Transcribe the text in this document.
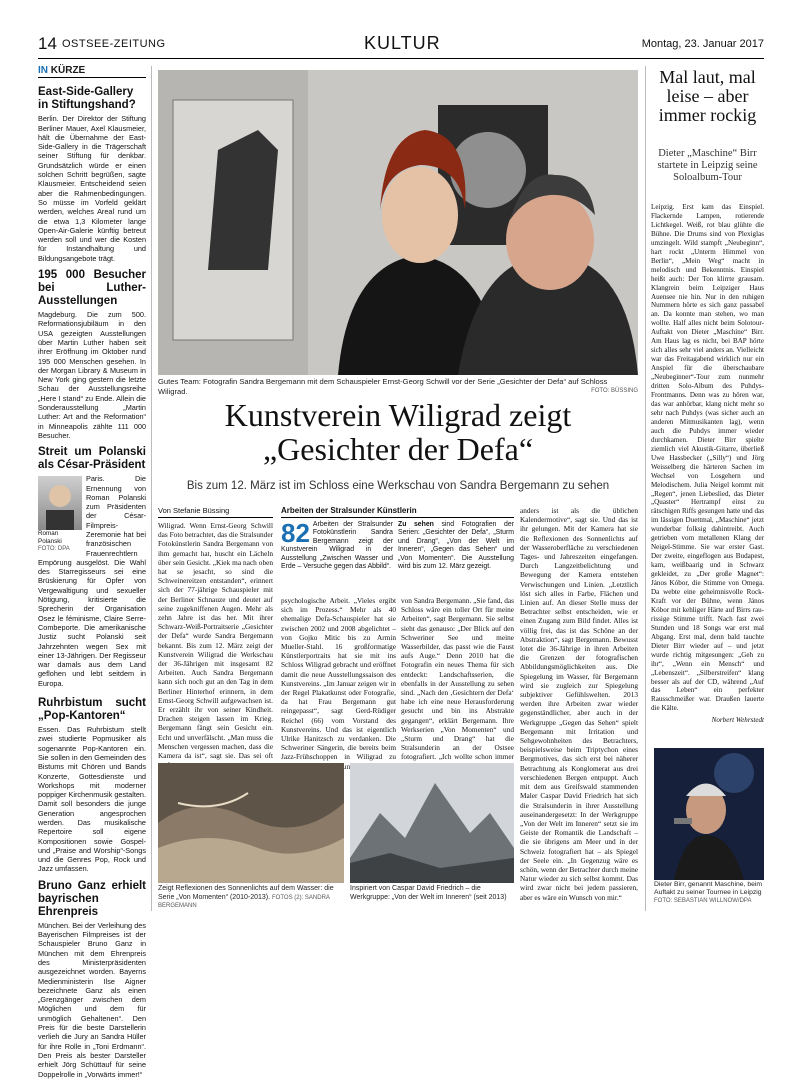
14 OSTSEE-ZEITUNG	KULTUR	Montag, 23. Januar 2017
IN KÜRZE
East-Side-Gallery in Stiftungshand?

Berlin. Der Direktor der Stiftung Berliner Mauer, Axel Klausmeier, hält die Übernahme der East-Side-Gallery in die Trägerschaft seiner Stiftung für denkbar. Grundsätzlich würde er einen solchen Schritt begrüßen, sagte Klausmeier. Entscheidend seien aber die Rahmenbedingungen. So müsse im Vorfeld geklärt werden, welches Areal rund um die etwa 1,3 Kilometer lange Open-Air-Galerie künftig betreut werden soll und wer die Kosten für Instandhaltung und Bildungsangebote trägt.

195 000 Besucher bei Luther-Ausstellungen

Magdeburg. Die zum 500. Reformationsjubiläum in den USA gezeigten Ausstellungen über Martin Luther haben seit ihrer Eröffnung im Oktober rund 195 000 Menschen gesehen. In der Morgan Library & Museum in New York ging gestern die letzte Schau der Ausstellungsreihe „Here I stand“ zu Ende. Allein die Sonderausstellung „Martin Luther: Art and the Reformation“ in Minneapolis zählte 111 000 Besucher.

Streit um Polanski als César-Präsident
Roman Polanski
FOTO: DPA

Paris. Die Ernennung von Roman Polanski zum Präsidenten der César-Filmpreis-Zeremonie hat bei französischen Frauenrechtlern Empörung ausgelöst. Die Wahl des Starregisseurs sei eine Brüskierung für Opfer von Vergewaltigung und sexueller Nötigung, kritisierte die Sprecherin der Organisation Osez le féminisme, Claire Serre-Combeporte. Die amerikanische Justiz sucht Polanski seit Jahrzehnten wegen Sex mit einer 13-Jährigen. Der Regisseur war damals aus dem Land geflohen und lebt seitdem in Europa.

Ruhrbistum sucht „Pop-Kantoren“

Essen. Das Ruhrbistum stellt zwei studierte Popmusiker als sogenannte Pop-Kantoren ein. Sie sollen in den Gemeinden des Bistums mit Chören und Bands Konzerte, Gottesdienste und Workshops mit moderner poppiger Kirchenmusik gestalten. Damit soll besonders die junge Generation angesprochen werden. Das musikalische Repertoire soll eigene Kompositionen sowie Gospel- und „Praise and Worship“-Songs und die Genres Pop, Rock und Jazz umfassen.

Bruno Ganz erhielt bayrischen Ehrenpreis

München. Bei der Verleihung des Bayerischen Filmpreises ist der Schauspieler Bruno Ganz in München mit dem Ehrenpreis des Ministerpräsidenten ausgezeichnet worden. Bayerns Medienministerin Ilse Aigner bezeichnete Ganz als einen „Grenzgänger zwischen dem Möglichen und dem für unmöglich Gehaltenen“. Den Preis für die beste Darstellerin verlieh die Jury an Sandra Hüller für ihre Rolle in „Toni Erdmann“. Den Preis als bester Darsteller erhielt Jörg Schüttauf für seine Doppelrolle in „Vorwärts immer!“

Gutes Team: Fotografin Sandra Bergemann mit dem Schauspieler Ernst-Georg Schwill vor der Serie „Gesichter der Defa“ auf Schloss Wiligrad.	FOTO: BÜSSING
Kunstverein Wiligrad zeigt
„Gesichter der Defa“
Bis zum 12. März ist im Schloss eine Werkschau von Sandra Bergemann zu sehen
Von Stefanie Büssing

Wiligrad. Wenn Ernst-Georg Schwill das Foto betrachtet, das die Stralsunder Fotokünstlerin Sandra Bergemann von ihm gemacht hat, huscht ein Lächeln über sein Gesicht. „Kiek ma nach oben hat se jesacht, so sind die Schweinereitzen entstanden“, erinnert sich der 77-jährige Schauspieler mit der Berliner Schnauze und deutet auf seine zugekniffenen Augen. Mehr als zehn Jahre ist das her. Mit ihrer Schwarz-Weiß-Portraitserie „Gesichter der Defa“ wurde Sandra Bergemann bekannt. Bis zum 12. März zeigt der Kunstverein Wiligrad die Werkschau der 36-Jährigen mit insgesamt 82 Arbeiten. Auch Sandra Bergemann kann sich noch gut an den Tag in dem Berliner Hinterhof erinnern, in dem Ernst-Georg Schwill aufgewachsen ist. Er erzählt ihr von seiner Kindheit. Drachen steigen lassen im Krieg. Bergemann fängt sein Gesicht ein. Echt und unverfälscht. „Man muss die Menschen vergessen machen, dass die Kamera da ist“, sagt sie. Das sei oft

Arbeiten der Stralsunder Künstlerin
82 Arbeiten der Stralsunder Fotokünstlerin Sandra Bergemann zeigt der Kunstverein Wiligrad in der Ausstellung „Zwischen Wasser und Erde – Versuche gegen das Abbild“.
Zu sehen sind Fotografien der Serien: „Gesichter der Defa“, „Sturm und Drang“, „Von der Welt im Inneren“, „Gegen das Sehen“ und „Von Momenten“. Die Ausstellung wird bis zum 12. März gezeigt.

psychologische Arbeit. „Vieles ergibt sich im Prozess.“ Mehr als 40 ehemalige Defa-Schauspieler hat sie zwischen 2002 und 2008 abgelichtet – von Gojko Mitic bis zu Armin Mueller-Stahl. 16 großformatige Künstlerportraits hat sie mit ins Schloss Wiligrad gebracht und eröffnet damit die neue Ausstellungssaison des Kunstvereins. „Im Januar zeigen wir in der Regel Plakatkunst oder Fotografie, da hat Frau Bergemann gut reingepasst“, sagt Gerd-Rüdiger Reichel (66) vom Vorstand des Kunstvereins. Und das ist eigentlich Ulrike Hanitzsch zu verdanken. Die Schweriner Sängerin, die bereits beim Jazz-Frühschoppen in Wiligrad zu Freundin

von Sandra Bergemann. „Sie fand, das Schloss wäre ein toller Ort für meine Arbeiten“, sagt Bergemann. Sie selbst sieht das genauso: „Der Blick auf den Schweriner See und meine Wasserbilder, das passt wie die Faust aufs Auge.“ Denn 2010 hat die Fotografin ein neues Thema für sich entdeckt: Landschaftsserien, die ebenfalls in der Ausstellung zu sehen sind. „Nach den ‚Gesichtern der Defa‘ habe ich eine neue Herausforderung gesucht und bin ins Abstrakte gegangen“, erklärt Bergemann. Ihre Werkserien „Von Momenten“ und „Sturm und Drang“ hat die Stralsunderin an der Ostsee fotografiert. „Ich wollte schon immer

anders ist als die üblichen Kalendermotive“, sagt sie. Und das ist ihr gelungen. Mit der Kamera hat sie die Reflexionen des Sonnenlichts auf der Wasseroberfläche zu verschiedenen Tages- und Jahreszeiten eingefangen. Durch Langzeitbelichtung und Bewegung der Kamera entstehen Verwischungen und Linien. „Letztlich löst sich alles in Farbe, Flächen und Linien auf. An dieser Stelle muss der Betrachter selbst entscheiden, wie er einen Zugang zum Bild findet. Alles ist völlig frei, das ist das Schöne an der Abstraktion“, sagt Bergemann. Bewusst lotet die 36-Jährige in ihren Arbeiten die Grenzen der fotografischen Abbildungsmöglichkeiten aus. Die Spiegelung im Wasser, für Bergemann wird sie zugleich zur Spiegelung subjektiver Gefühlswelten. 2013 werden ihre Arbeiten zwar wieder gegenständlicher, aber auch in der Werkgruppe „Gegen das Sehen“ spielt Bergemann mit Irritation und Sehgewohnheiten des Betrachters, beispielsweise beim Triptychon eines Bergmotives, das sich erst bei näherer Betrachtung als Konglomerat aus drei verschiedenen Bergen entpuppt. Auch mit dem aus Greifswald stammenden Maler Caspar David Friedrich hat sich die Stralsunderin in ihrer Ausstellung auseinandergesetzt: In der Werkgruppe „Von der Welt im Inneren“ setzt sie im Geiste der Romantik die Landschaft – die sie übrigens am Meer und in der Schweiz fotografiert hat – als Spiegel der Seele ein. „In Gegenzug wäre es schön, wenn der Betrachter durch meine Natur wieder zu sich selbst kommt. Das wird zwar nicht bei jedem passieren, aber es wäre ein Wunsch von mir.“

Zeigt Reflexionen des Sonnenlichts auf dem Wasser: die Serie „Von Momenten“ (2010-2013). FOTOS (2): SANDRA BERGEMANN
Inspiriert von Caspar David Friedrich – die Werkgruppe: „Von der Welt im Inneren“ (seit 2013)
Mal laut, mal leise – aber immer rockig
Dieter „Maschine“ Birr startete in Leipzig seine Soloalbum-Tour

Leipzig. Erst kam das Einspiel. Flackernde Lampen, rotierende Lichtkegel. Weiß, rot blau glühte die Bühne. Die Drums sind von Plexiglas umzingelt. Wild stampft „Neubeginn“, hart rockt „Unterm Himmel von Berlin“, „Mein Weg“ macht in melodisch und Bekenntnis. Einspiel heißt auch: Der Ton klirrte grausam. Klangrein beim Leipziger Haus Auensee nie hin. Nur in den ruhigen Nummern hörte es sich ganz passabel an. Da konnte man stehen, wo man wollte. Half alles nicht beim Solotour-Auftakt von Dieter „Maschine“ Birr. Am Haus lag es nicht, bei BAP hörte sich alles sehr viel anders an. Vielleicht war das Freitagabend wirklich nur ein Anspiel für die überschaubare „Neubeginner“-Tour zum nunmehr dritten Solo-Album des Puhdys-Frontmanns. Denn was zu hören war, das war anhörbar, klang nicht mehr so sehr nach Puhdys (was sicher auch an anderen Mitmusikanten lag), wenn auch die Puhdys immer wieder durchkamen. Dieter Birr spielte ziemlich viel Akustik-Gitarre, überließ Uwe Hassbecker („Silly“) und Jörg Weisselberg die härteren Sachen im Wechsel von Losgehern und Melodischem. Julia Neigel kommt mit „Regen“, jenen Liebeslied, das Dieter „Quaster“ Hertrampf einst zu rätschigen Riffs gesungen hatte und das im lässigen Duettmal, „Maschine“ jetzt wunderbar folksig dahintreibt. Auch getrieben vom metallenen Klang der Neigel-Stimme. Sie war erster Gast. Der zweite, eingeflogen aus Budapest, kam, weißbaarig und in Schwarz gekleidet, zu „Der große Magnet“: János Kóbor, die Stimme von Omega. Da webte eine geheimnisvolle Rock-Kraft vor der Bühne, wenn János Kóbor mit kehliger Härte auf Birrs rau-rissige Stimme trifft. Nach fast zwei Stunden und 18 Songs war erst mal Abgang. Erst mal, denn bald tauchte Dieter Birr wieder auf – und jetzt wurde richtig mitgesungen: „Geh zu ihr“, „Wenn ein Mensch“ und „Lebenszeit“. „Silberstreifen“ klang besser als auf der CD, während „Auf das Leben“ ein perfekter Rausschmeißer war. Draußen lauerte die Kälte.

Norbert Wehrstedt

Dieter Birr, genannt Maschine, beim Auftakt zu seiner Tournee in Leipzig FOTO: SEBASTIAN WILLNOW/DPA
